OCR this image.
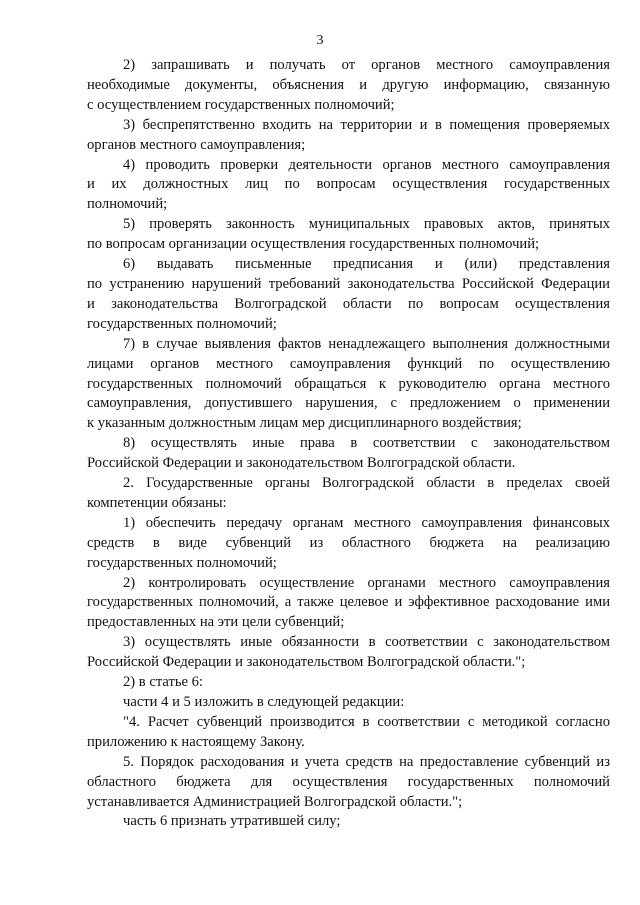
3
2) запрашивать и получать от органов местного самоуправления
необходимые документы, объяснения и другую информацию, связанную
с осуществлением государственных полномочий;
3) беспрепятственно входить на территории и в помещения проверяемых
органов местного самоуправления;
4) проводить проверки деятельности органов местного самоуправления
и их должностных лиц по вопросам осуществления государственных
полномочий;
5) проверять законность муниципальных правовых актов, принятых
по вопросам организации осуществления государственных полномочий;
6) выдавать письменные предписания и (или) представления
по устранению нарушений требований законодательства Российской Федерации
и законодательства Волгоградской области по вопросам осуществления
государственных полномочий;
7) в случае выявления фактов ненадлежащего выполнения должностными
лицами органов местного самоуправления функций по осуществлению
государственных полномочий обращаться к руководителю органа местного
самоуправления, допустившего нарушения, с предложением о применении
к указанным должностным лицам мер дисциплинарного воздействия;
8) осуществлять иные права в соответствии с законодательством
Российской Федерации и законодательством Волгоградской области.
2. Государственные органы Волгоградской области в пределах своей
компетенции обязаны:
1) обеспечить передачу органам местного самоуправления финансовых
средств в виде субвенций из областного бюджета на реализацию
государственных полномочий;
2) контролировать осуществление органами местного самоуправления
государственных полномочий, а также целевое и эффективное расходование ими
предоставленных на эти цели субвенций;
3) осуществлять иные обязанности в соответствии с законодательством
Российской Федерации и законодательством Волгоградской области.";
2) в статье 6:
части 4 и 5 изложить в следующей редакции:
"4. Расчет субвенций производится в соответствии с методикой согласно
приложению к настоящему Закону.
5. Порядок расходования и учета средств на предоставление субвенций из
областного бюджета для осуществления государственных полномочий
устанавливается Администрацией Волгоградской области.";
часть 6 признать утратившей силу;
